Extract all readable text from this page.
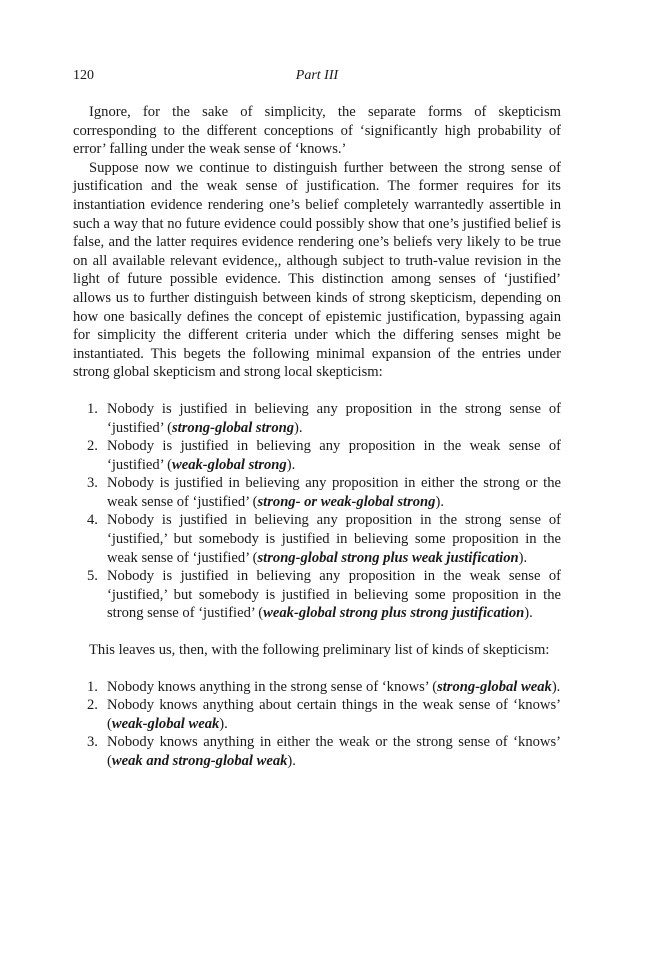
120	Part III

Ignore, for the sake of simplicity, the separate forms of skepticism corresponding to the different conceptions of ‘significantly high probability of error’ falling under the weak sense of ‘knows.’

Suppose now we continue to distinguish further between the strong sense of justification and the weak sense of justification. The former requires for its instantiation evidence rendering one’s belief completely warrantedly assertible in such a way that no future evidence could possibly show that one’s justified belief is false, and the latter requires evidence rendering one’s beliefs very likely to be true on all available relevant evidence,, although subject to truth-value revision in the light of future possible evidence. This distinction among senses of ‘justified’ allows us to further distinguish between kinds of strong skepticism, depending on how one basically defines the concept of epistemic justification, bypassing again for simplicity the different criteria under which the differing senses might be instantiated. This begets the following minimal expansion of the entries under strong global skepticism and strong local skepticism:

1. Nobody is justified in believing any proposition in the strong sense of ‘justified’ (strong-global strong).
2. Nobody is justified in believing any proposition in the weak sense of ‘justified’ (weak-global strong).
3. Nobody is justified in believing any proposition in either the strong or the weak sense of ‘justified’ (strong- or weak-global strong).
4. Nobody is justified in believing any proposition in the strong sense of ‘justified,’ but somebody is justified in believing some proposition in the weak sense of ‘justified’ (strong-global strong plus weak justification).
5. Nobody is justified in believing any proposition in the weak sense of ‘justified,’ but somebody is justified in believing some proposition in the strong sense of ‘justified’ (weak-global strong plus strong justification).

This leaves us, then, with the following preliminary list of kinds of skepticism:

1. Nobody knows anything in the strong sense of ‘knows’ (strong-global weak).
2. Nobody knows anything about certain things in the weak sense of ‘knows’ (weak-global weak).
3. Nobody knows anything in either the weak or the strong sense of ‘knows’ (weak and strong-global weak).
